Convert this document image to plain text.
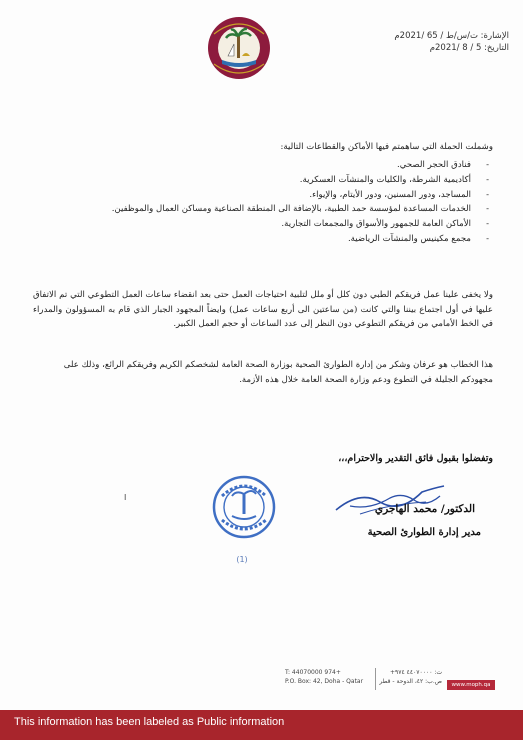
الإشارة: ت/س/ط / 65 /2021م
التاريخ: 5 / 8 /2021م
وشملت الحملة التي ساهمتم فيها الأماكن والقطاعات التالية:
- فنادق الحجر الصحي.
- أكاديمية الشرطة، والكليات والمنشآت العسكرية.
- المساجد، ودور المسنين، ودور الأيتام، والإيواء.
- الخدمات المساعدة لمؤسسة حمد الطبية، بالإضافة الى المنطقة الصناعية ومساكن العمال والموظفين.
- الأماكن العامة للجمهور والأسواق والمجمعات التجارية.
- مجمع مكينيس والمنشآت الرياضية.
ولا يخفى علينا عمل فريقكم الطبي دون كلل أو ملل لتلبية احتياجات العمل حتى بعد انقضاء ساعات العمل التطوعي التي تم الاتفاق عليها في أول اجتماع بيننا والتي كانت (من ساعتين الى أربع ساعات عمل) وايضاً المجهود الجبار الذي قام به المسؤولون والمدراء في الخط الأمامي من فريقكم التطوعي دون النظر إلى عدد الساعات أو حجم العمل الكبير.
هذا الخطاب هو عرفان وشكر من إدارة الطوارئ الصحية بوزارة الصحة العامة لشخصكم الكريم وفريقكم الرائع، وذلك على مجهودكم الجليلة في التطوع ودعم وزارة الصحة العامة خلال هذه الأزمة.
وتفضلوا بقبول فائق التقدير والاحترام،،،
الدكتور/ محمد الهاجري
مدير إدارة الطوارئ الصحية
(1)
I
T: 44070000 974+
P.O. Box: 42, Doha - Qatar
ت: ٤٤٠٧٠٠٠٠ ٩٧٤+
ص.ب: ٤٢، الدوحة - قطر	www.moph.qa
This information has been labeled as Public information
